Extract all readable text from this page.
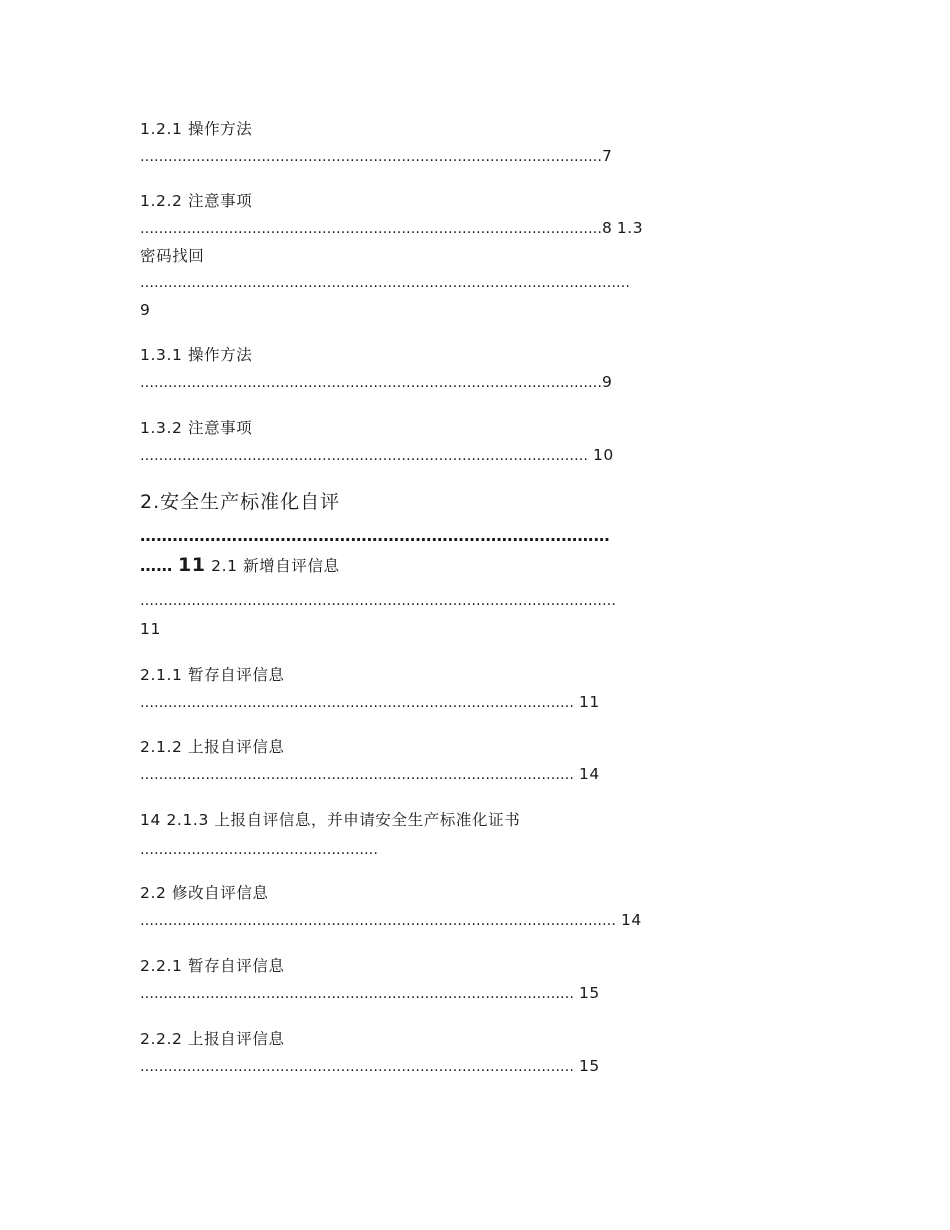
1.2.1 操作方法

………………………………………………………………………………………7

1.2.2 注意事项

………………………………………………………………………………………8 1.3

密码找回

……………………………………………………………………………………………

9

1.3.1 操作方法

………………………………………………………………………………………9

1.3.2 注意事项

…………………………………………………………………………………… 10

2.安全生产标准化自评

……………………………………………………………………………

…… 11 2.1 新增自评信息

…………………………………………………………………………………………

11

2.1.1 暂存自评信息

………………………………………………………………………………… 11

2.1.2 上报自评信息

………………………………………………………………………………… 14

14 2.1.3 上报自评信息，并申请安全生产标准化证书

……………………………………………

2.2 修改自评信息

………………………………………………………………………………………… 14

2.2.1 暂存自评信息

………………………………………………………………………………… 15

2.2.2 上报自评信息

………………………………………………………………………………… 15
